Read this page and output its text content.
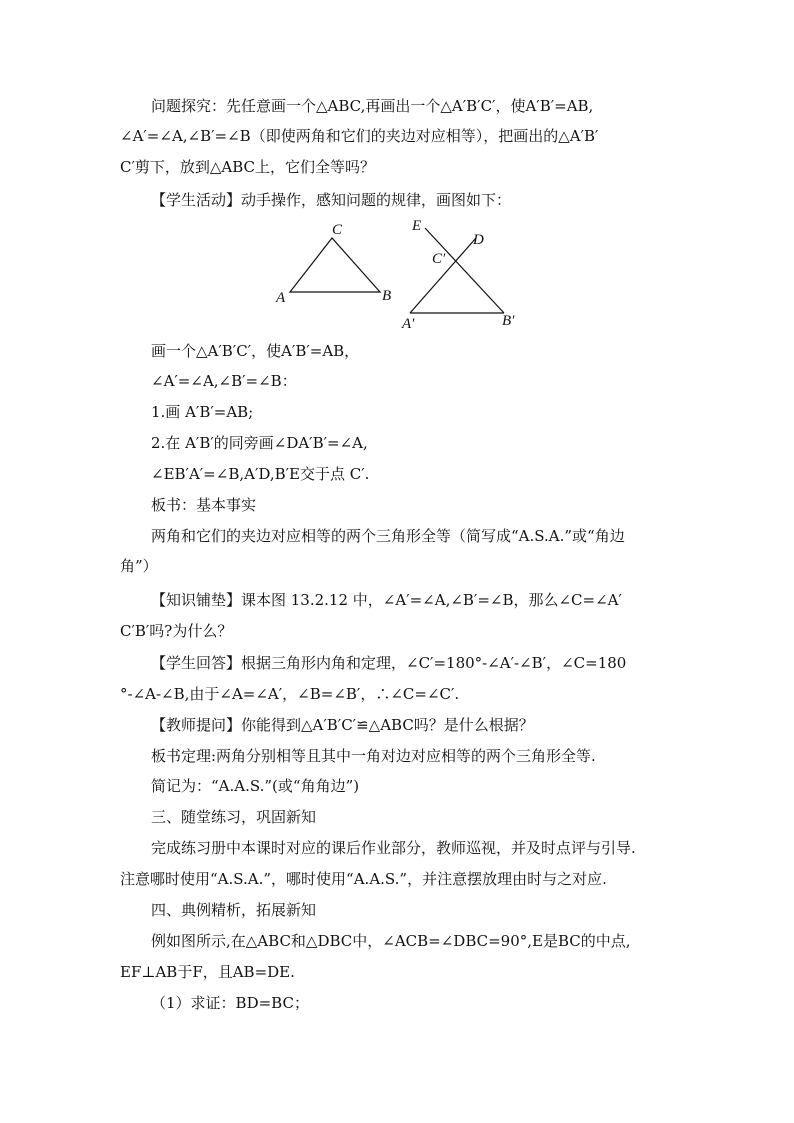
问题探究：先任意画一个△ABC,再画出一个△A′B′C′，使A′B′=AB,
∠A′=∠A,∠B′=∠B（即使两角和它们的夹边对应相等），把画出的△A′B′
C′剪下，放到△ABC上，它们全等吗？
【学生活动】动手操作，感知问题的规律，画图如下：
A	B
C	E
D
C′
A′	B′
画一个△A′B′C′，使A′B′=AB，
∠A′=∠A,∠B′=∠B：
1.画 A′B′=AB;
2.在 A′B′的同旁画∠DA′B′=∠A,
∠EB′A′=∠B,A′D,B′E交于点 C′.
板书：基本事实
两角和它们的夹边对应相等的两个三角形全等（简写成“A.S.A.”或“角边
角”）
【知识铺垫】课本图 13.2.12 中，∠A′=∠A,∠B′=∠B，那么∠C=∠A′
C′B′吗?为什么？
【学生回答】根据三角形内角和定理，∠C′=180°-∠A′-∠B′，∠C=180
°-∠A-∠B,由于∠A=∠A′，∠B=∠B′，∴∠C=∠C′.
【教师提问】你能得到△A′B′C′≌△ABC吗？是什么根据？
板书定理:两角分别相等且其中一角对边对应相等的两个三角形全等.
简记为：“A.A.S.”(或“角角边”)
三、随堂练习，巩固新知
完成练习册中本课时对应的课后作业部分，教师巡视，并及时点评与引导.
注意哪时使用“A.S.A.”，哪时使用“A.A.S.”，并注意摆放理由时与之对应.
四、典例精析，拓展新知
例如图所示,在△ABC和△DBC中，∠ACB=∠DBC=90°,E是BC的中点,
EF⊥AB于F，且AB=DE.
（1）求证：BD=BC；
